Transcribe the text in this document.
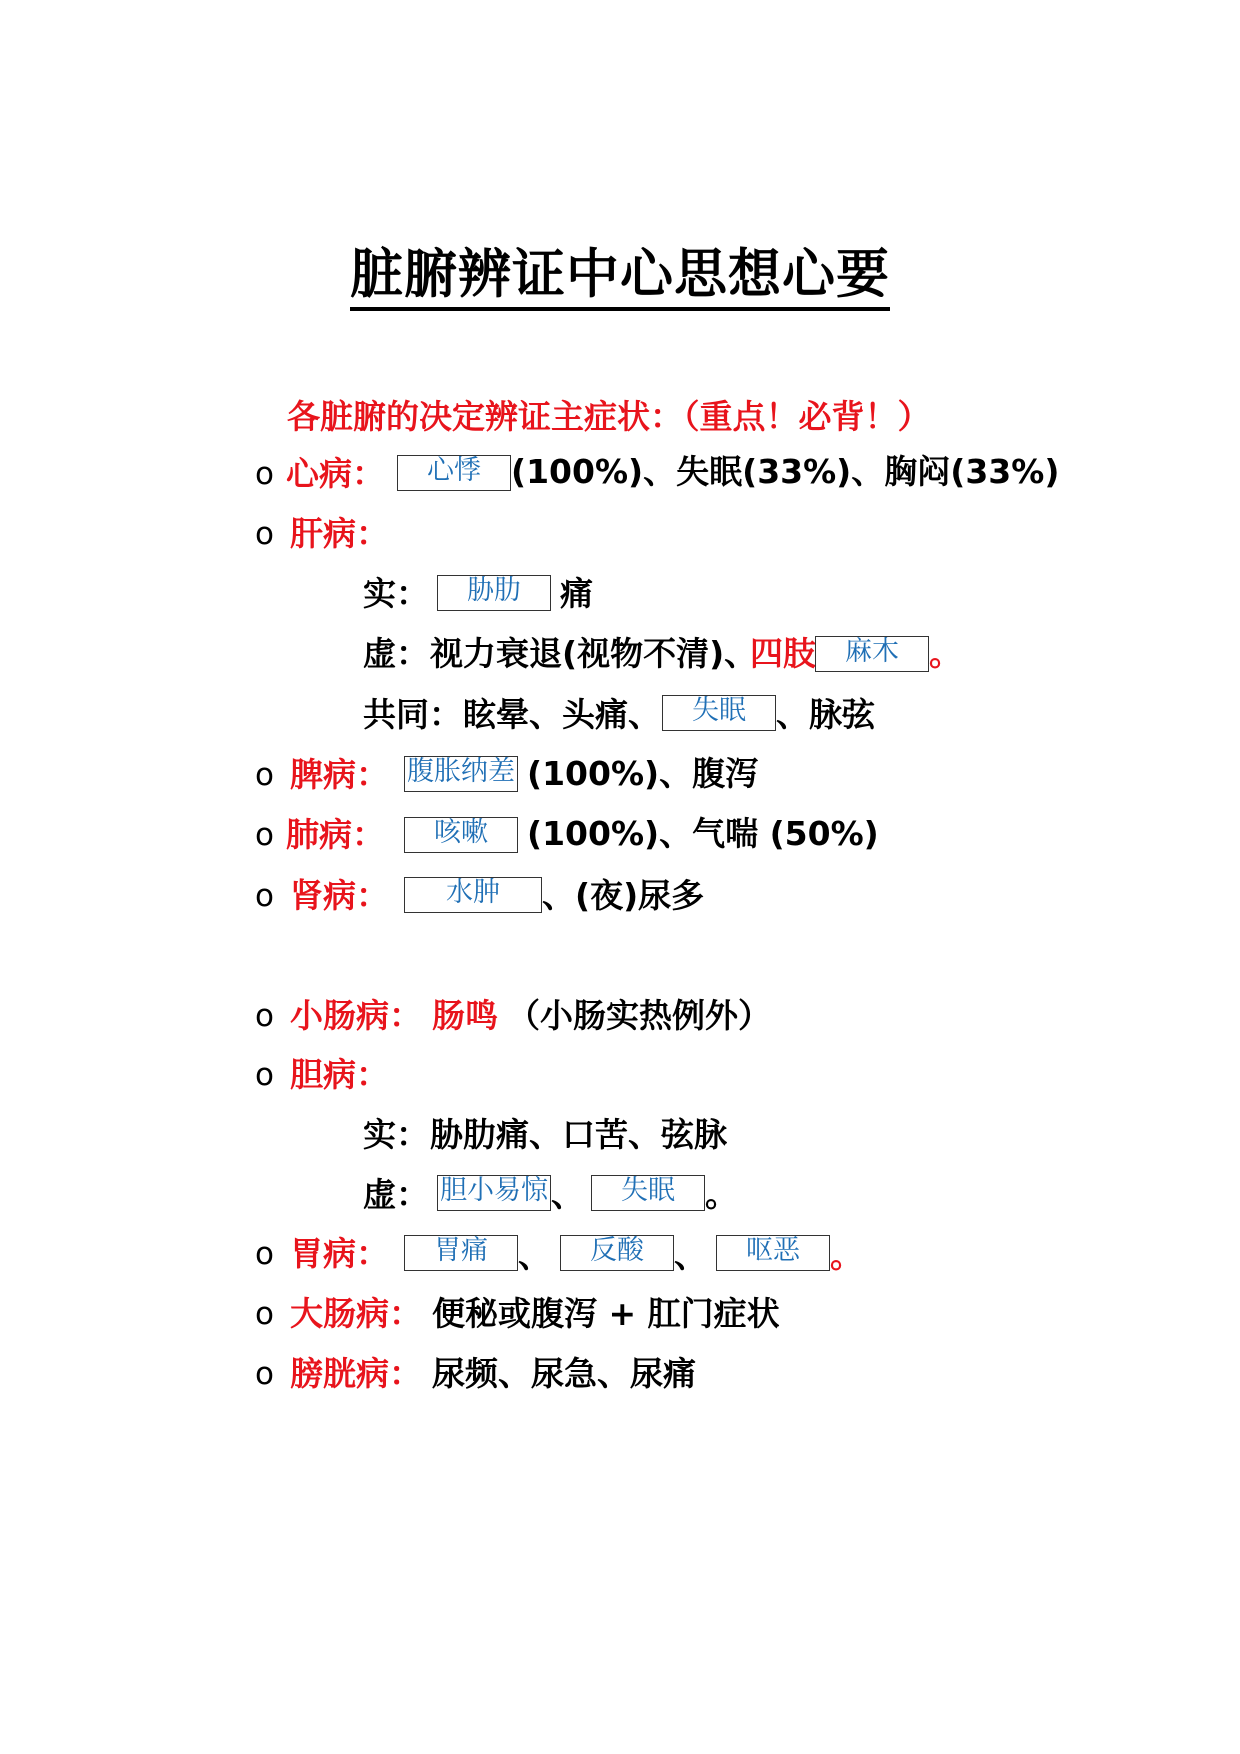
脏腑辨证中心思想心要
各脏腑的决定辨证主症状：（重点！必背！）
o 心病：	心悸 (100%)、失眠(33%)、胸闷(33%)
o 肝病：
实：	胁肋	痛
虚： 视力衰退(视物不清)、
四肢	麻木 。
共同： 眩晕、头痛、	失眠 、脉弦
o 脾病： 腹胀纳差 (100%)、腹泻
o 肺病：	咳嗽	(100%)、气喘 (50%)
o 肾病：	水肿	、(夜)尿多
o 小肠病： 肠鸣 （小肠实热例外）
o 胆病：
实： 胁肋痛、口苦、弦脉
虚： 胆小易惊 、	失眠 。
o 胃病：	胃痛 、	反酸 、	呕恶 。
o 大肠病： 便秘或腹泻 + 肛门症状
o 膀胱病： 尿频、尿急、尿痛
